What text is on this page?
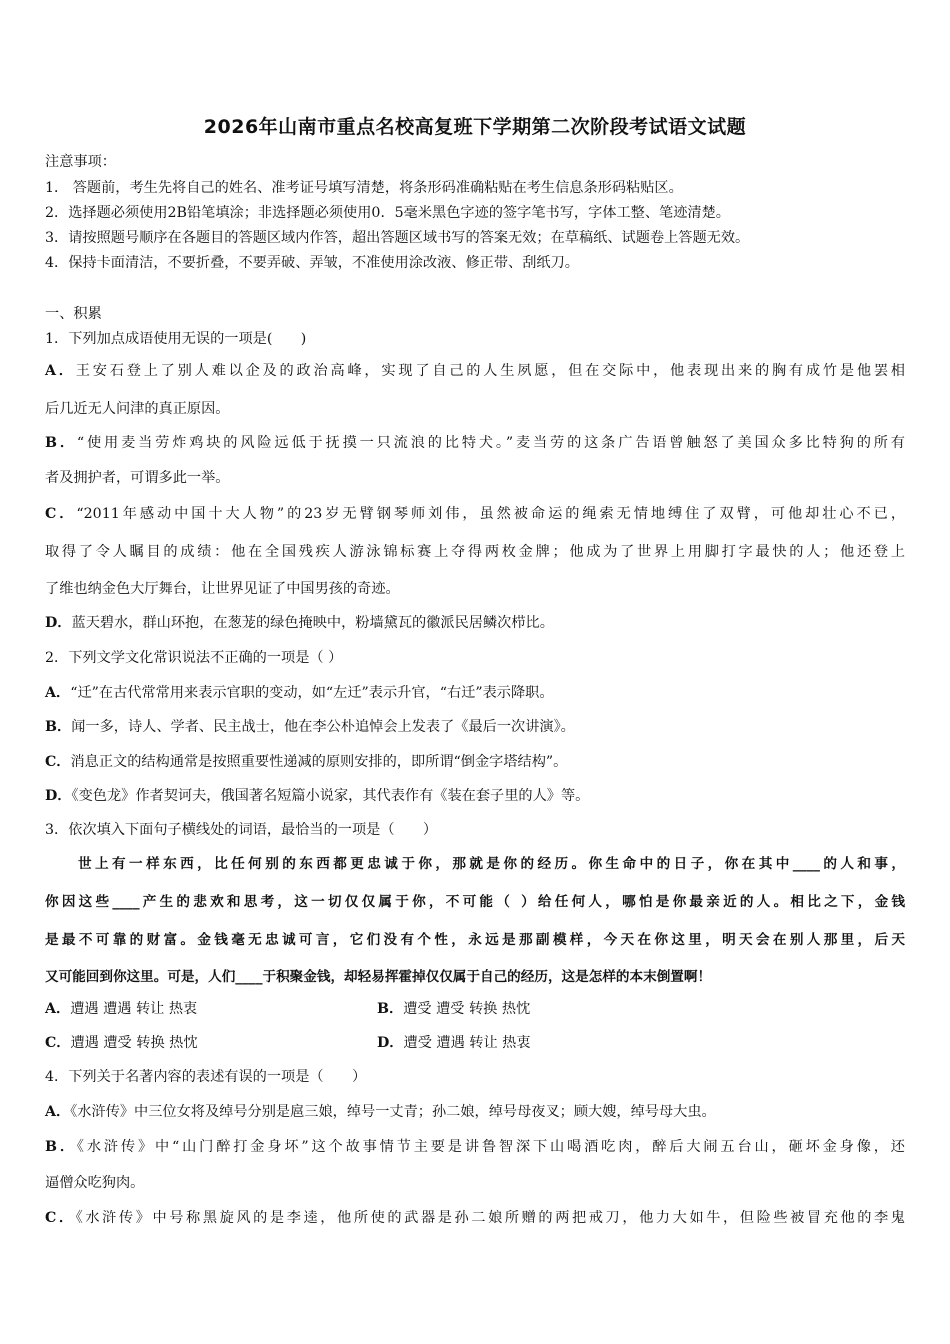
2026年山南市重点名校高复班下学期第二次阶段考试语文试题
注意事项：
1． 答题前，考生先将自己的姓名、准考证号填写清楚，将条形码准确粘贴在考生信息条形码粘贴区。
2．选择题必须使用2B铅笔填涂；非选择题必须使用0．5毫米黑色字迹的签字笔书写，字体工整、笔迹清楚。
3．请按照题号顺序在各题目的答题区域内作答，超出答题区域书写的答案无效；在草稿纸、试题卷上答题无效。
4．保持卡面清洁，不要折叠，不要弄破、弄皱，不准使用涂改液、修正带、刮纸刀。
一、积累
1．下列加点成语使用无误的一项是(　　)
A．王安石登上了别人难以企及的政治高峰，实现了自己的人生夙愿，但在交际中，他表现出来的胸有成竹是他罢相
后几近无人问津的真正原因。
B．“使用麦当劳炸鸡块的风险远低于抚摸一只流浪的比特犬。”麦当劳的这条广告语曾触怒了美国众多比特狗的所有
者及拥护者，可谓多此一举。
C．“2011年感动中国十大人物”的23岁无臂钢琴师刘伟，虽然被命运的绳索无情地缚住了双臂，可他却壮心不已，
取得了令人瞩目的成绩：他在全国残疾人游泳锦标赛上夺得两枚金牌；他成为了世界上用脚打字最快的人；他还登上
了维也纳金色大厅舞台，让世界见证了中国男孩的奇迹。
D．蓝天碧水，群山环抱，在葱茏的绿色掩映中，粉墙黛瓦的徽派民居鳞次栉比。
2．下列文学文化常识说法不正确的一项是（ ）
A．“迁”在古代常常用来表示官职的变动，如“左迁”表示升官，“右迁”表示降职。
B．闻一多，诗人、学者、民主战士，他在李公朴追悼会上发表了《最后一次讲演》。
C．消息正文的结构通常是按照重要性递减的原则安排的，即所谓“倒金字塔结构”。
D．《变色龙》作者契诃夫，俄国著名短篇小说家，其代表作有《装在套子里的人》等。
3．依次填入下面句子横线处的词语，最恰当的一项是（　　）
世上有一样东西，比任何别的东西都更忠诚于你，那就是你的经历。你生命中的日子，你在其中____的人和事，
你因这些____产生的悲欢和思考，这一切仅仅属于你，不可能（ ）给任何人，哪怕是你最亲近的人。相比之下，金钱
是最不可靠的财富。金钱毫无忠诚可言，它们没有个性，永远是那副模样，今天在你这里，明天会在别人那里，后天
又可能回到你这里。可是，人们____于积聚金钱，却轻易挥霍掉仅仅属于自己的经历，这是怎样的本末倒置啊！
A．遭遇 遭遇 转让 热衷	B．遭受 遭受 转换 热忱
C．遭遇 遭受 转换 热忱	D．遭受 遭遇 转让 热衷
4．下列关于名著内容的表述有误的一项是（　　）
A．《水浒传》中三位女将及绰号分别是扈三娘，绰号一丈青；孙二娘，绰号母夜叉；顾大嫂，绰号母大虫。
B．《水浒传》中“山门醉打金身坏”这个故事情节主要是讲鲁智深下山喝酒吃肉，醉后大闹五台山，砸坏金身像，还
逼僧众吃狗肉。
C．《水浒传》中号称黑旋风的是李逵，他所使的武器是孙二娘所赠的两把戒刀，他力大如牛，但险些被冒充他的李鬼
